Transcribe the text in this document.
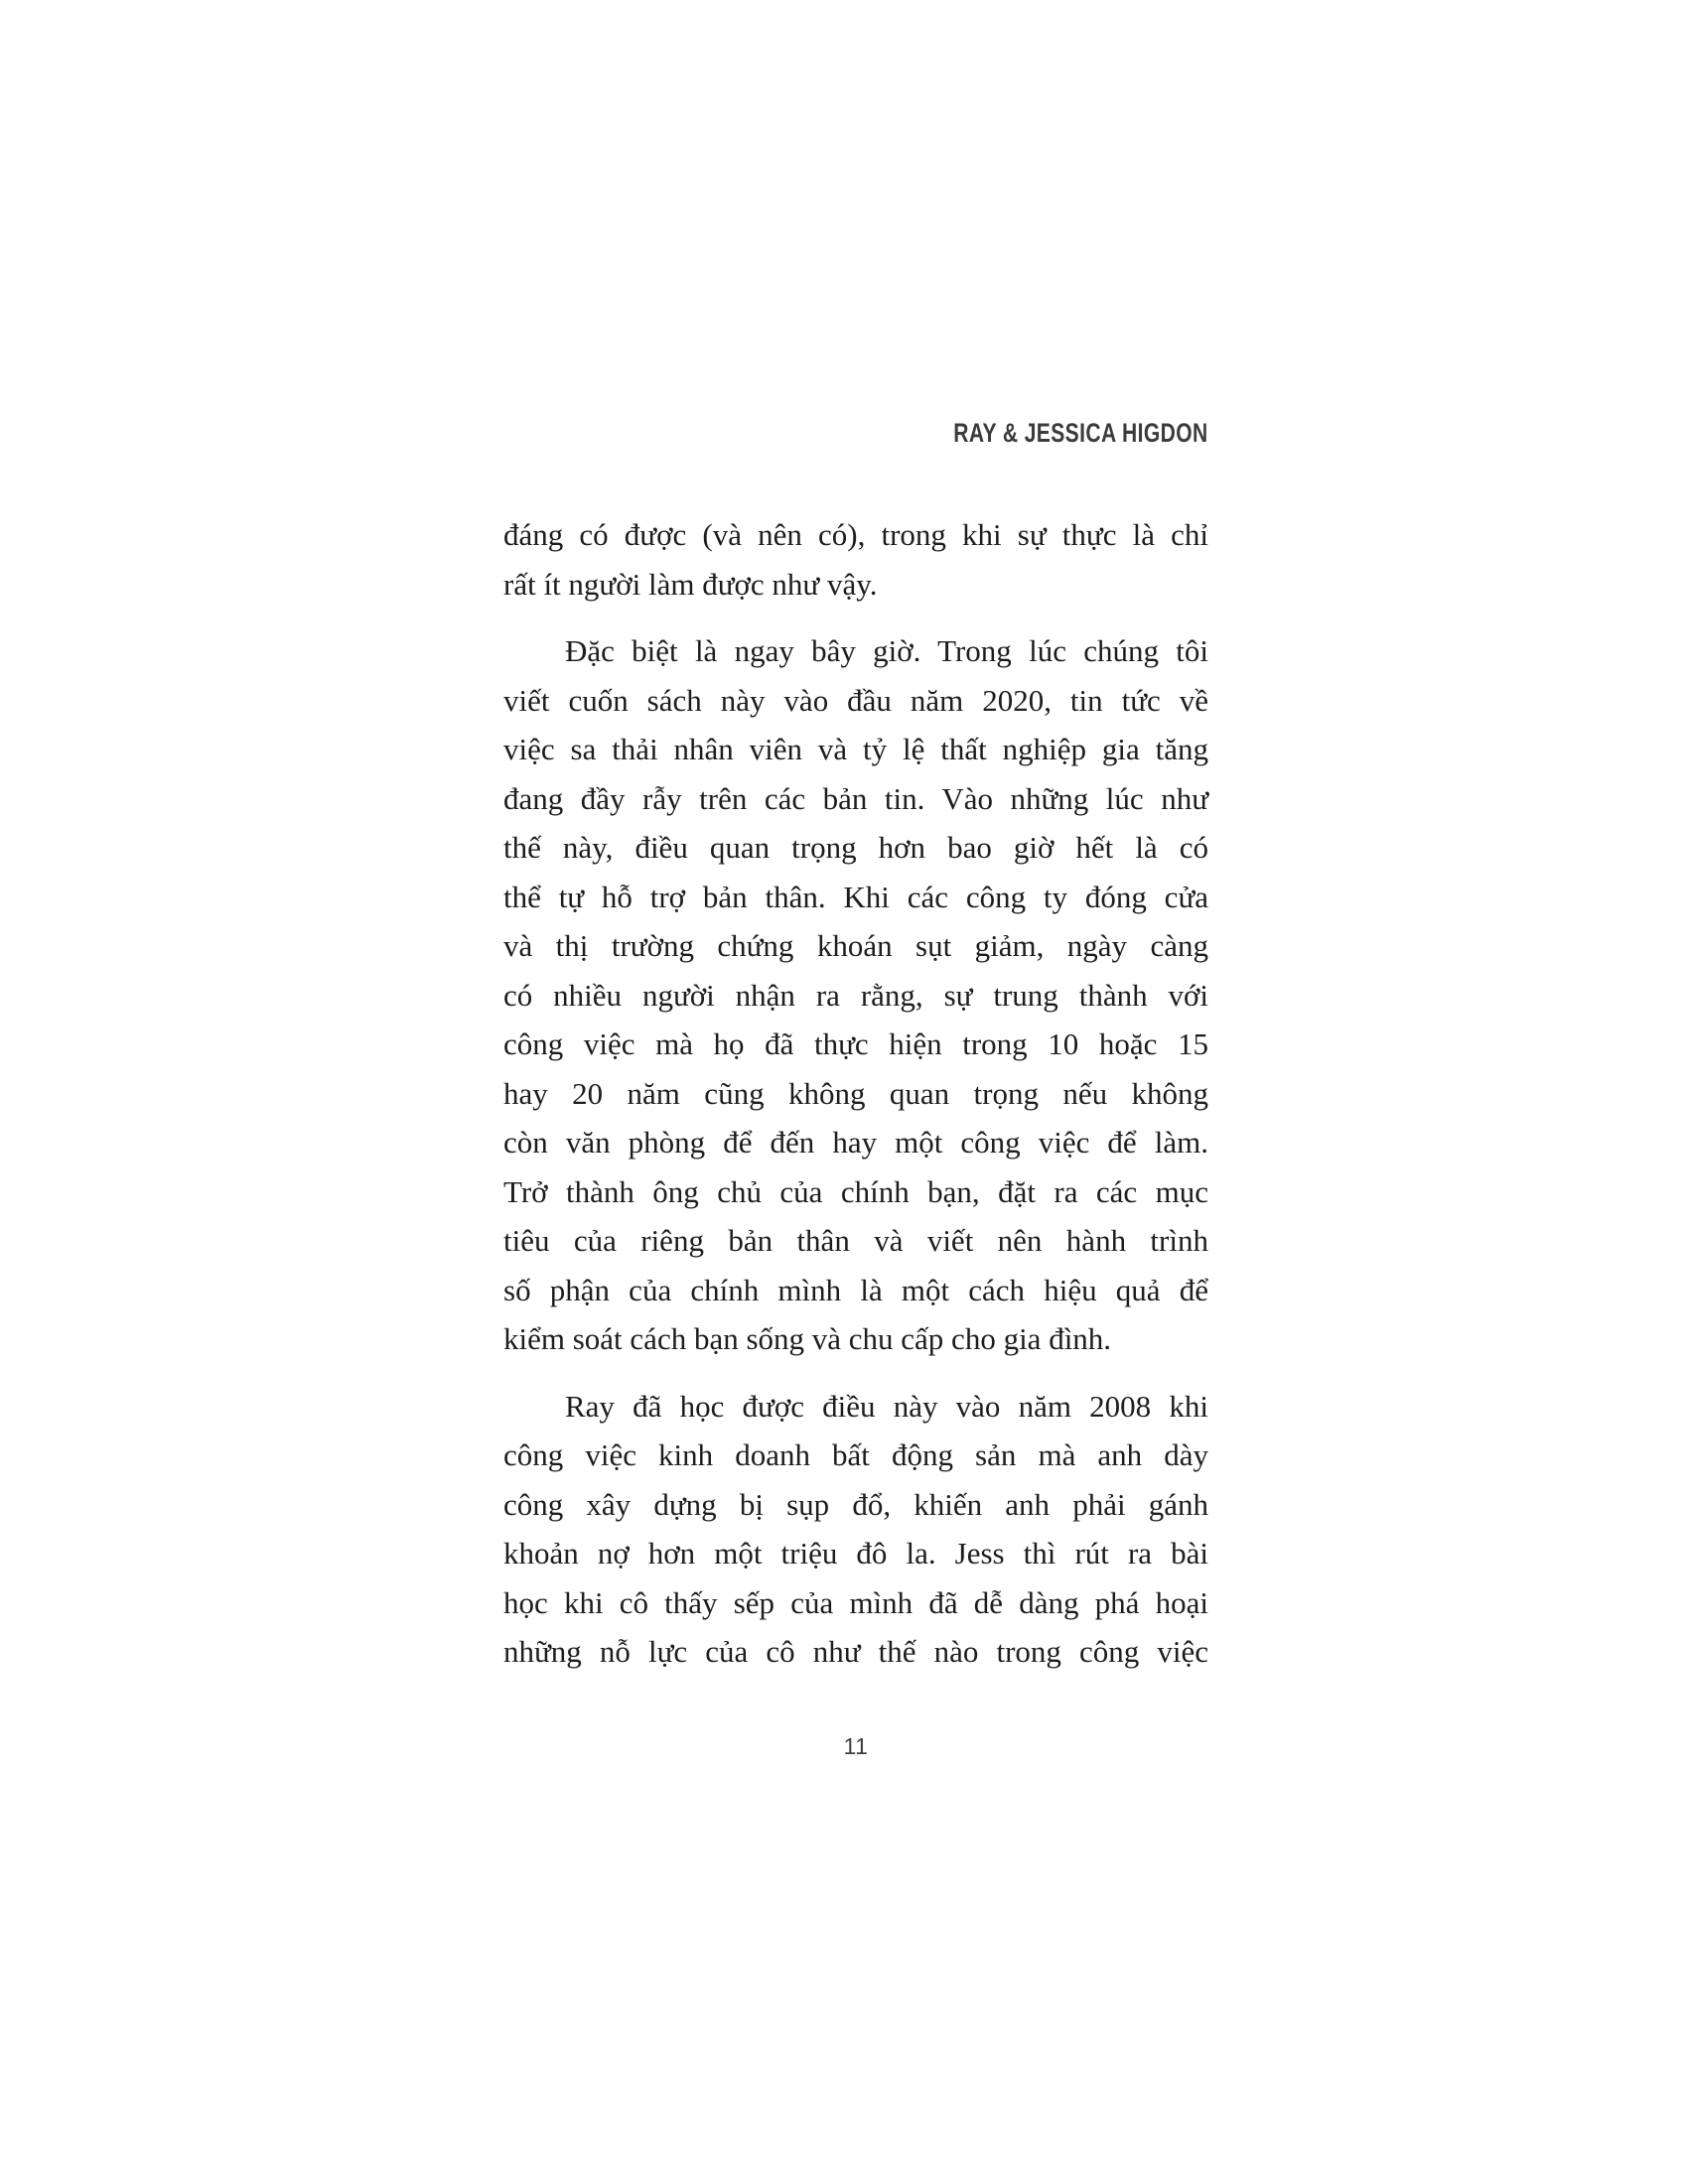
RAY & JESSICA HIGDON
đáng có được (và nên có), trong khi sự thực là chỉ
rất ít người làm được như vậy.
Đặc biệt là ngay bây giờ. Trong lúc chúng tôi
viết cuốn sách này vào đầu năm 2020, tin tức về
việc sa thải nhân viên và tỷ lệ thất nghiệp gia tăng
đang đầy rẫy trên các bản tin. Vào những lúc như
thế này, điều quan trọng hơn bao giờ hết là có
thể tự hỗ trợ bản thân. Khi các công ty đóng cửa
và thị trường chứng khoán sụt giảm, ngày càng
có nhiều người nhận ra rằng, sự trung thành với
công việc mà họ đã thực hiện trong 10 hoặc 15
hay 20 năm cũng không quan trọng nếu không
còn văn phòng để đến hay một công việc để làm.
Trở thành ông chủ của chính bạn, đặt ra các mục
tiêu của riêng bản thân và viết nên hành trình
số phận của chính mình là một cách hiệu quả để
kiểm soát cách bạn sống và chu cấp cho gia đình.
Ray đã học được điều này vào năm 2008 khi
công việc kinh doanh bất động sản mà anh dày
công xây dựng bị sụp đổ, khiến anh phải gánh
khoản nợ hơn một triệu đô la. Jess thì rút ra bài
học khi cô thấy sếp của mình đã dễ dàng phá hoại
những nỗ lực của cô như thế nào trong công việc
11
